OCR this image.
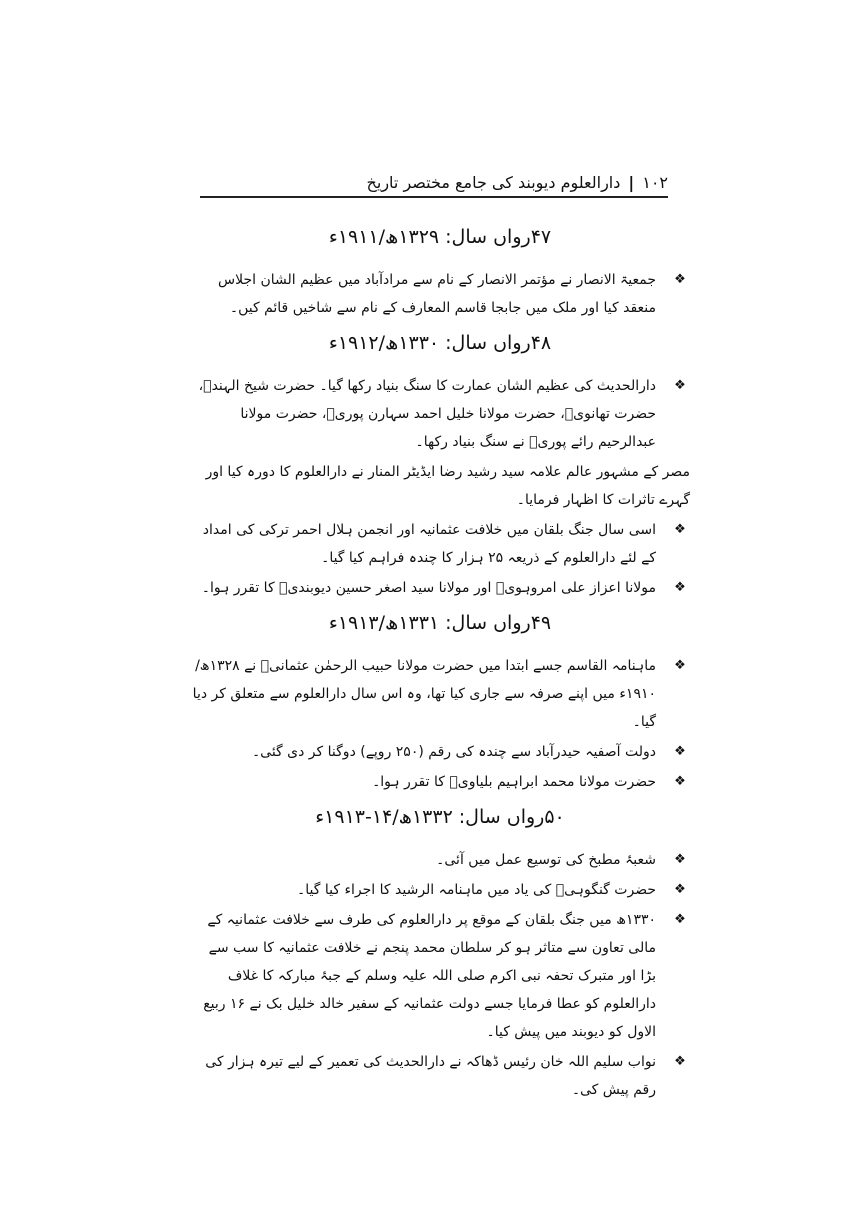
۱۰۲
|
دارالعلوم دیوبند کی جامع مختصر تاریخ
۴۷رواں سال:۱۳۲۹ھ/۱۹۱۱ء
❖
جمعیۃ الانصار نے مؤتمر الانصار کے نام سے مرادآباد میں عظیم الشان اجلاس منعقد کیا اور ملک میں جابجا قاسم المعارف کے نام سے شاخیں قائم کیں۔
۴۸رواں سال:۱۳۳۰ھ/۱۹۱۲ء
❖
دارالحدیث کی عظیم الشان عمارت کا سنگ بنیاد رکھا گیا۔ حضرت شیخ الہندؒ، حضرت تھانویؒ، حضرت مولانا خلیل احمد سہارن پوریؒ، حضرت مولانا عبدالرحیم رائے پوریؒ نے سنگ بنیاد رکھا۔
مصر کے مشہور عالم علامہ سید رشید رضا ایڈیٹر المنار نے دارالعلوم کا دورہ کیا اور گہرے تاثرات کا اظہار فرمایا۔
❖
اسی سال جنگ بلقان میں خلافت عثمانیہ اور انجمن ہلال احمر ترکی کی امداد کے لئے دارالعلوم کے ذریعہ ۲۵ ہزار کا چندہ فراہم کیا گیا۔
❖
مولانا اعزاز علی امروہویؒ اور مولانا سید اصغر حسین دیوبندیؒ کا تقرر ہوا۔
۴۹رواں سال:۱۳۳۱ھ/۱۹۱۳ء
❖
ماہنامہ القاسم جسے ابتدا میں حضرت مولانا حبیب الرحمٰن عثمانیؒ نے ۱۳۲۸ھ/۱۹۱۰ء میں اپنے صرفہ سے جاری کیا تھا، وہ اس سال دارالعلوم سے متعلق کر دیا گیا۔
❖
دولت آصفیہ حیدرآباد سے چندہ کی رقم (۲۵۰ روپے) دوگنا کر دی گئی۔
❖
حضرت مولانا محمد ابراہیم بلیاویؒ کا تقرر ہوا۔
۵۰رواں سال:۱۳۳۲ھ/۱۴-۱۹۱۳ء
❖
شعبۂ مطبخ کی توسیع عمل میں آئی۔
❖
حضرت گنگوہیؒ کی یاد میں ماہنامہ الرشید کا اجراء کیا گیا۔
❖
۱۳۳۰ھ میں جنگ بلقان کے موقع پر دارالعلوم کی طرف سے خلافت عثمانیہ کے مالی تعاون سے متاثر ہو کر سلطان محمد پنجم نے خلافت عثمانیہ کا سب سے بڑا اور متبرک تحفہ نبی اکرم صلی اللہ علیہ وسلم کے جبۂ مبارکہ کا غلاف دارالعلوم کو عطا فرمایا جسے دولت عثمانیہ کے سفیر خالد خلیل بک نے ۱۶ ربیع الاول کو دیوبند میں پیش کیا۔
❖
نواب سلیم اللہ خان رئیس ڈھاکہ نے دارالحدیث کی تعمیر کے لیے تیرہ ہزار کی رقم پیش کی۔
